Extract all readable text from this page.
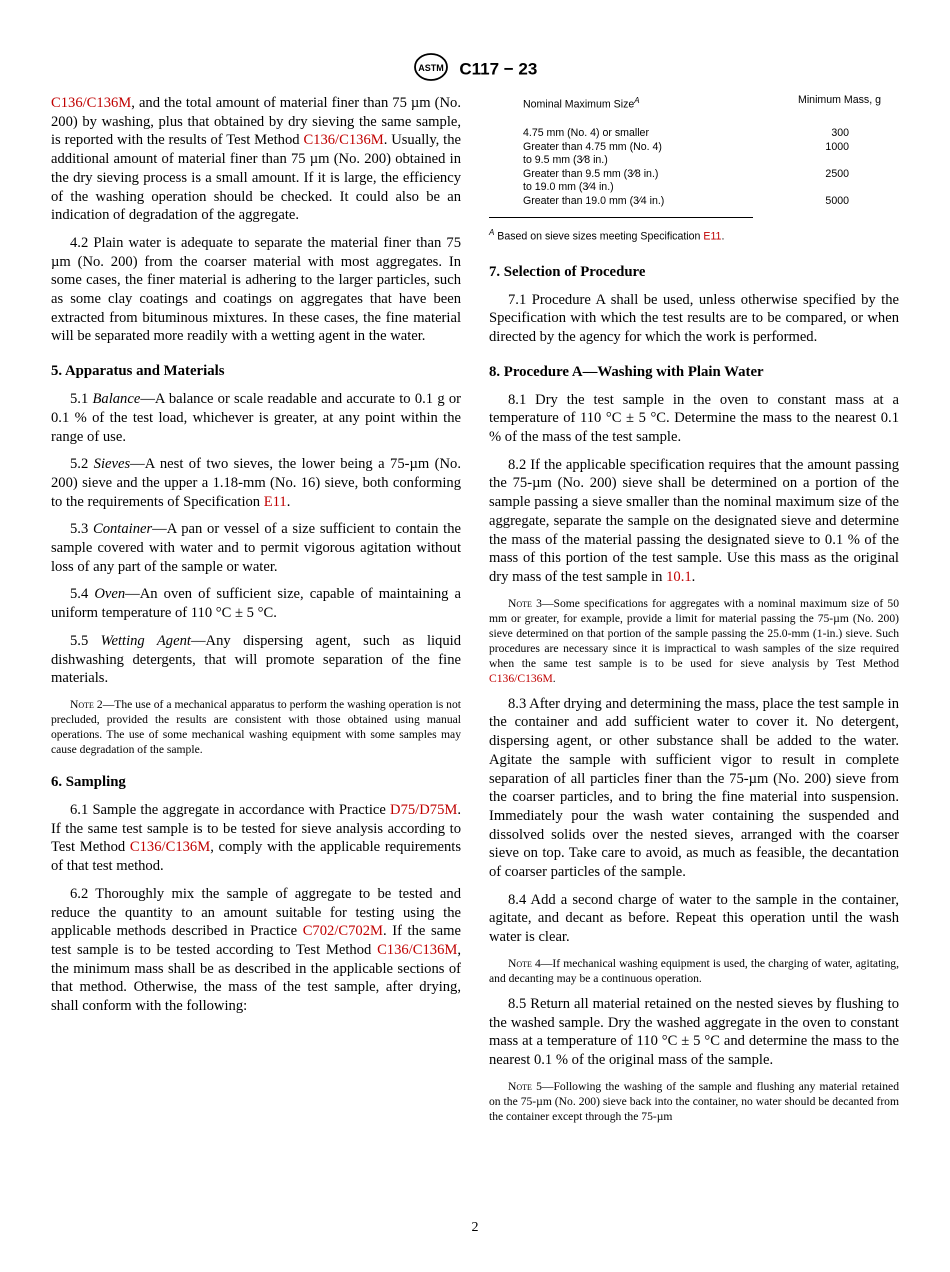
ASTM C117 − 23

C136/C136M, and the total amount of material finer than 75 µm (No. 200) by washing, plus that obtained by dry sieving the same sample, is reported with the results of Test Method C136/C136M. Usually, the additional amount of material finer than 75 µm (No. 200) obtained in the dry sieving process is a small amount. If it is large, the efficiency of the washing operation should be checked. It could also be an indication of degradation of the aggregate.

4.2 Plain water is adequate to separate the material finer than 75 µm (No. 200) from the coarser material with most aggregates. In some cases, the finer material is adhering to the larger particles, such as some clay coatings and coatings on aggregates that have been extracted from bituminous mixtures. In these cases, the fine material will be separated more readily with a wetting agent in the water.

5. Apparatus and Materials

5.1 Balance—A balance or scale readable and accurate to 0.1 g or 0.1 % of the test load, whichever is greater, at any point within the range of use.

5.2 Sieves—A nest of two sieves, the lower being a 75-µm (No. 200) sieve and the upper a 1.18-mm (No. 16) sieve, both conforming to the requirements of Specification E11.

5.3 Container—A pan or vessel of a size sufficient to contain the sample covered with water and to permit vigorous agitation without loss of any part of the sample or water.

5.4 Oven—An oven of sufficient size, capable of maintaining a uniform temperature of 110 °C ± 5 °C.

5.5 Wetting Agent—Any dispersing agent, such as liquid dishwashing detergents, that will promote separation of the fine materials.

Note 2—The use of a mechanical apparatus to perform the washing operation is not precluded, provided the results are consistent with those obtained using manual operations. The use of some mechanical washing equipment with some samples may cause degradation of the sample.
6. Sampling

6.1 Sample the aggregate in accordance with Practice D75/D75M. If the same test sample is to be tested for sieve analysis according to Test Method C136/C136M, comply with the applicable requirements of that test method.

6.2 Thoroughly mix the sample of aggregate to be tested and reduce the quantity to an amount suitable for testing using the applicable methods described in Practice C702/C702M. If the same test sample is to be tested according to Test Method C136/C136M, the minimum mass shall be as described in the applicable sections of that method. Otherwise, the mass of the test sample, after drying, shall conform with the following:

Nominal Maximum Size$^A$	Minimum Mass, g

4.75 mm (No. 4) or smaller	300
Greater than 4.75 mm (No. 4)
to 9.5 mm (3⁄8 in.)	1000
Greater than 9.5 mm (3⁄8 in.)
to 19.0 mm (3⁄4 in.)	2500
Greater than 19.0 mm (3⁄4 in.)	5000
$^A$ Based on sieve sizes meeting Specification E11.
7. Selection of Procedure

7.1 Procedure A shall be used, unless otherwise specified by the Specification with which the test results are to be compared, or when directed by the agency for which the work is performed.

8. Procedure A—Washing with Plain Water

8.1 Dry the test sample in the oven to constant mass at a temperature of 110 °C ± 5 °C. Determine the mass to the nearest 0.1 % of the mass of the test sample.

8.2 If the applicable specification requires that the amount passing the 75-µm (No. 200) sieve shall be determined on a portion of the sample passing a sieve smaller than the nominal maximum size of the aggregate, separate the sample on the designated sieve and determine the mass of the material passing the designated sieve to 0.1 % of the mass of this portion of the test sample. Use this mass as the original dry mass of the test sample in 10.1.

Note 3—Some specifications for aggregates with a nominal maximum size of 50 mm or greater, for example, provide a limit for material passing the 75-µm (No. 200) sieve determined on that portion of the sample passing the 25.0-mm (1-in.) sieve. Such procedures are necessary since it is impractical to wash samples of the size required when the same test sample is to be used for sieve analysis by Test Method C136/C136M.

8.3 After drying and determining the mass, place the test sample in the container and add sufficient water to cover it. No detergent, dispersing agent, or other substance shall be added to the water. Agitate the sample with sufficient vigor to result in complete separation of all particles finer than the 75-µm (No. 200) sieve from the coarser particles, and to bring the fine material into suspension. Immediately pour the wash water containing the suspended and dissolved solids over the nested sieves, arranged with the coarser sieve on top. Take care to avoid, as much as feasible, the decantation of coarser particles of the sample.

8.4 Add a second charge of water to the sample in the container, agitate, and decant as before. Repeat this operation until the wash water is clear.

Note 4—If mechanical washing equipment is used, the charging of water, agitating, and decanting may be a continuous operation.

8.5 Return all material retained on the nested sieves by flushing to the washed sample. Dry the washed aggregate in the oven to constant mass at a temperature of 110 °C ± 5 °C and determine the mass to the nearest 0.1 % of the original mass of the sample.

Note 5—Following the washing of the sample and flushing any material retained on the 75-µm (No. 200) sieve back into the container, no water should be decanted from the container except through the 75-µm
2
